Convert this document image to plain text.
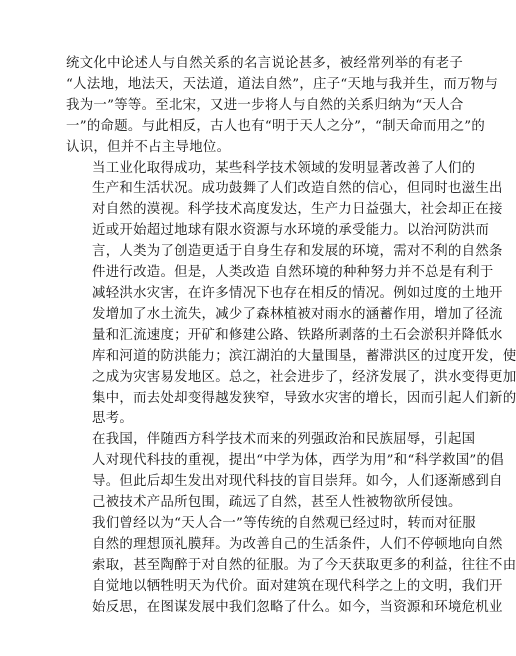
统文化中论述人与自然关系的名言说论甚多，被经常列举的有老子
“人法地，地法天，天法道，道法自然”，庄子“天地与我并生，而万物与
我为一”等等。至北宋，又进一步将人与自然的关系归纳为“天人合
一”的命题。与此相反，古人也有“明于天人之分”，“制天命而用之”的
认识，但并不占主导地位。

当工业化取得成功，某些科学技术领域的发明显著改善了人们的
生产和生活状况。成功鼓舞了人们改造自然的信心，但同时也滋生出
对自然的漠视。科学技术高度发达，生产力日益强大，社会却正在接
近或开始超过地球有限水资源与水环境的承受能力。以治河防洪而
言，人类为了创造更适于自身生存和发展的环境，需对不利的自然条
件进行改造。但是，人类改造 自然环境的种种努力并不总是有利于
减轻洪水灾害，在许多情况下也存在相反的情况。例如过度的土地开
发增加了水土流失，减少了森林植被对雨水的涵蓄作用，增加了径流
量和汇流速度；开矿和修建公路、铁路所剥落的土石会淤积并降低水
库和河道的防洪能力；滨江湖泊的大量围垦，蓄滞洪区的过度开发，使
之成为灾害易发地区。总之，社会进步了，经济发展了，洪水变得更加
集中，而去处却变得越发狭窄，导致水灾害的增长，因而引起人们新的
思考。

在我国，伴随西方科学技术而来的列强政治和民族屈辱，引起国
人对现代科技的重视，提出“中学为体，西学为用”和“科学救国”的倡
导。但此后却生发出对现代科技的盲目崇拜。如今，人们逐渐感到自
己被技术产品所包围，疏远了自然，甚至人性被物欲所侵蚀。

我们曾经以为“天人合一”等传统的自然观已经过时，转而对征服
自然的理想顶礼膜拜。为改善自己的生活条件，人们不停顿地向自然
索取，甚至陶醉于对自然的征服。为了今天获取更多的利益，往往不由
自觉地以牺牲明天为代价。面对建筑在现代科学之上的文明，我们开
始反思，在图谋发展中我们忽略了什么。如今，当资源和环境危机业
